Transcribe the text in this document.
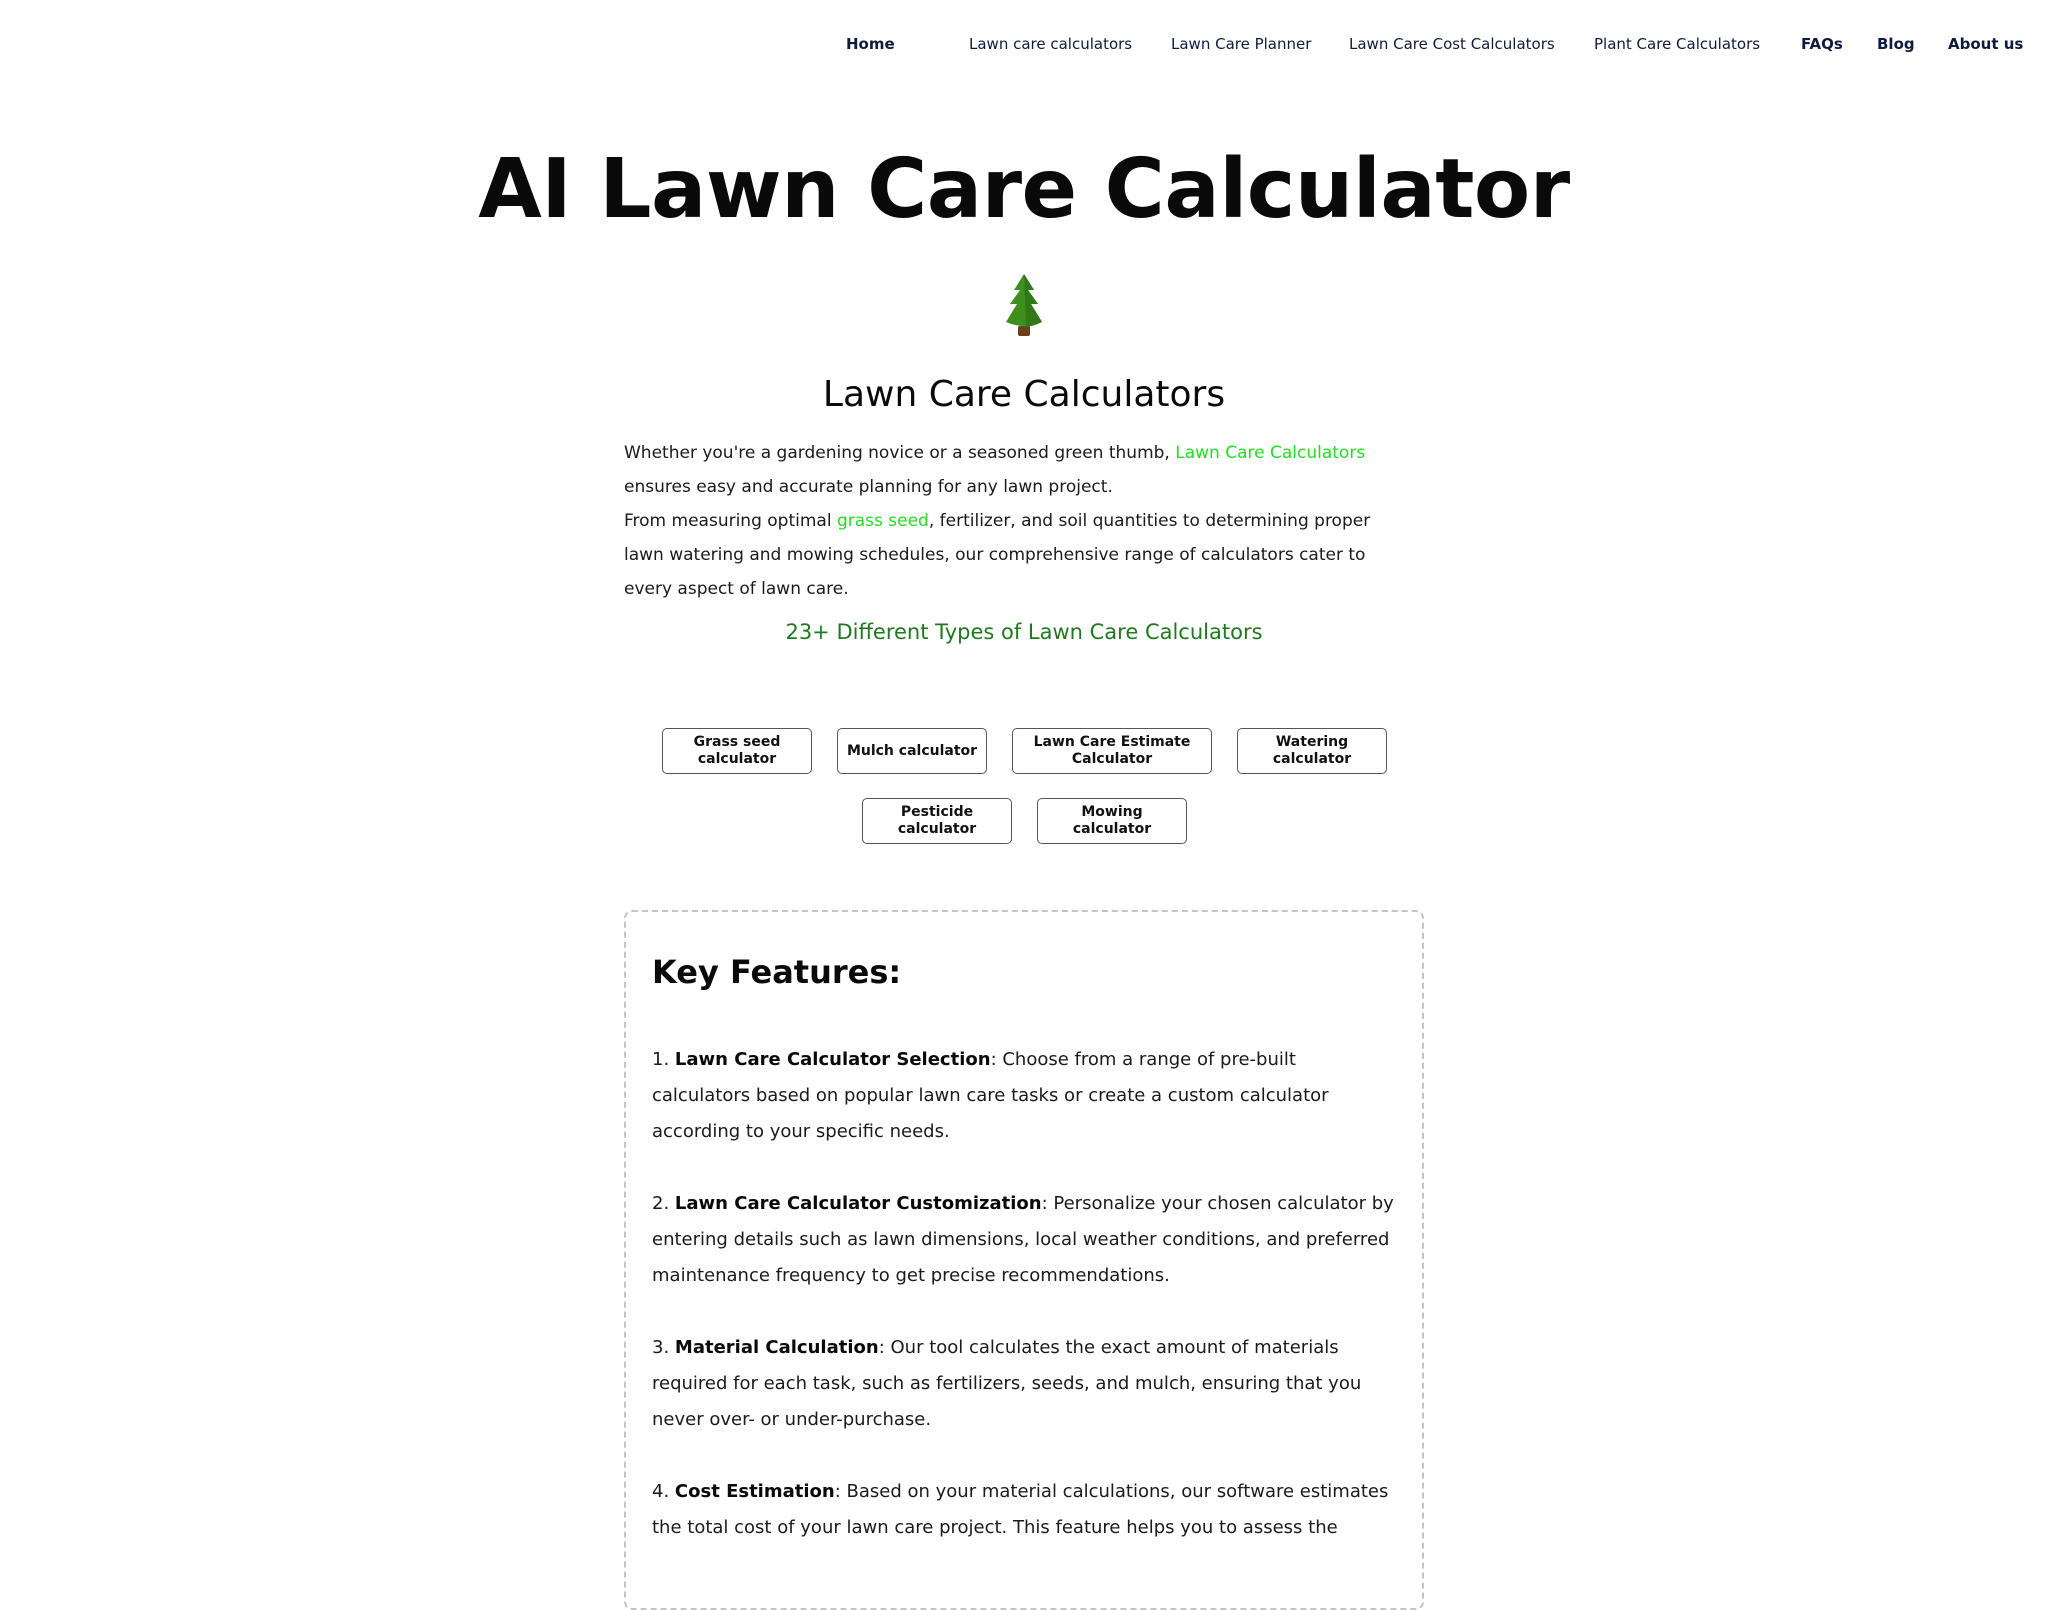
Home	Lawn care calculators	Lawn Care Planner	Lawn Care Cost Calculators	Plant Care Calculators	FAQs Blog About us
AI Lawn Care Calculator
Lawn Care Calculators
Whether you're a gardening novice or a seasoned green thumb, Lawn Care Calculators ensures easy and accurate planning for any lawn project.
From measuring optimal grass seed, fertilizer, and soil quantities to determining proper lawn watering and mowing schedules, our comprehensive range of calculators cater to every aspect of lawn care.
23+ Different Types of Lawn Care Calculators
Grass seed calculator
Mulch calculator
Lawn Care Estimate Calculator
Watering calculator
Pesticide calculator
Mowing calculator
Key Features:

1. Lawn Care Calculator Selection: Choose from a range of pre-built calculators based on popular lawn care tasks or create a custom calculator according to your specific needs.

2. Lawn Care Calculator Customization: Personalize your chosen calculator by entering details such as lawn dimensions, local weather conditions, and preferred maintenance frequency to get precise recommendations.

3. Material Calculation: Our tool calculates the exact amount of materials required for each task, such as fertilizers, seeds, and mulch, ensuring that you never over- or under-purchase.

4. Cost Estimation: Based on your material calculations, our software estimates the total cost of your lawn care project. This feature helps you to assess the
